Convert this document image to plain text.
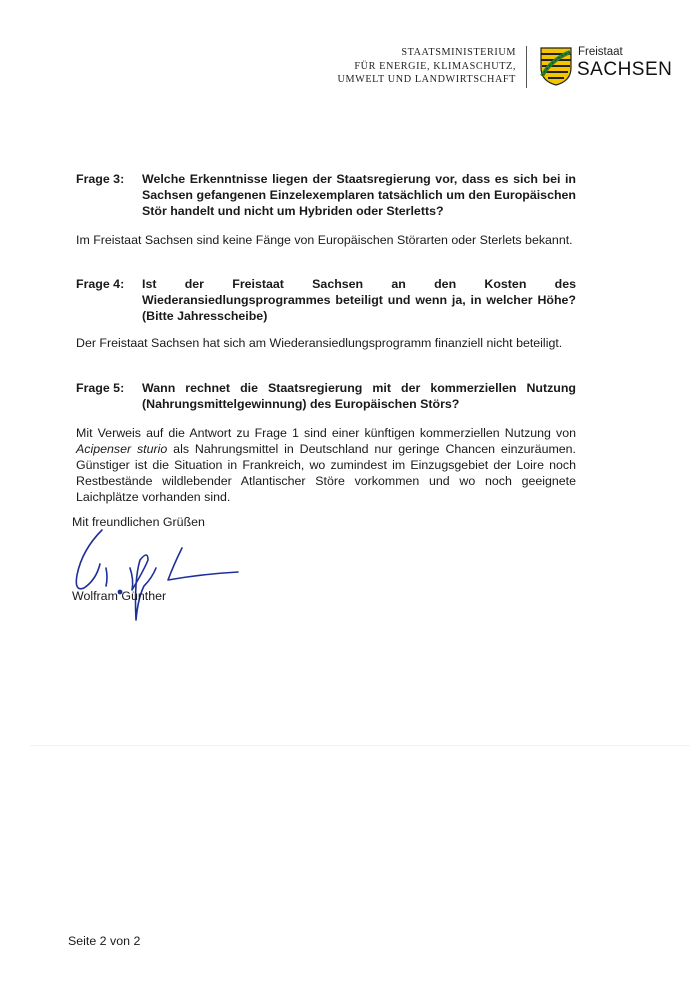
STAATSMINISTERIUM
FÜR ENERGIE, KLIMASCHUTZ,
UMWELT UND LANDWIRTSCHAFT
Freistaat
SACHSEN
Frage 3: Welche Erkenntnisse liegen der Staatsregierung vor, dass es sich bei in Sachsen gefangenen Einzelexemplaren tatsächlich um den Europäischen Stör handelt und nicht um Hybriden oder Sterletts?
Im Freistaat Sachsen sind keine Fänge von Europäischen Störarten oder Sterlets bekannt.
Frage 4: Ist der Freistaat Sachsen an den Kosten des Wiederansiedlungsprogrammes beteiligt und wenn ja, in welcher Höhe? (Bitte Jahresscheibe)
Der Freistaat Sachsen hat sich am Wiederansiedlungsprogramm finanziell nicht beteiligt.
Frage 5: Wann rechnet die Staatsregierung mit der kommerziellen Nutzung (Nahrungsmittelgewinnung) des Europäischen Störs?
Mit Verweis auf die Antwort zu Frage 1 sind einer künftigen kommerziellen Nutzung von Acipenser sturio als Nahrungsmittel in Deutschland nur geringe Chancen einzuräumen. Günstiger ist die Situation in Frankreich, wo zumindest im Einzugsgebiet der Loire noch Restbestände wildlebender Atlantischer Störe vorkommen und wo noch geeignete Laichplätze vorhanden sind.
Mit freundlichen Grüßen
Wolfram Günther
Seite 2 von 2
